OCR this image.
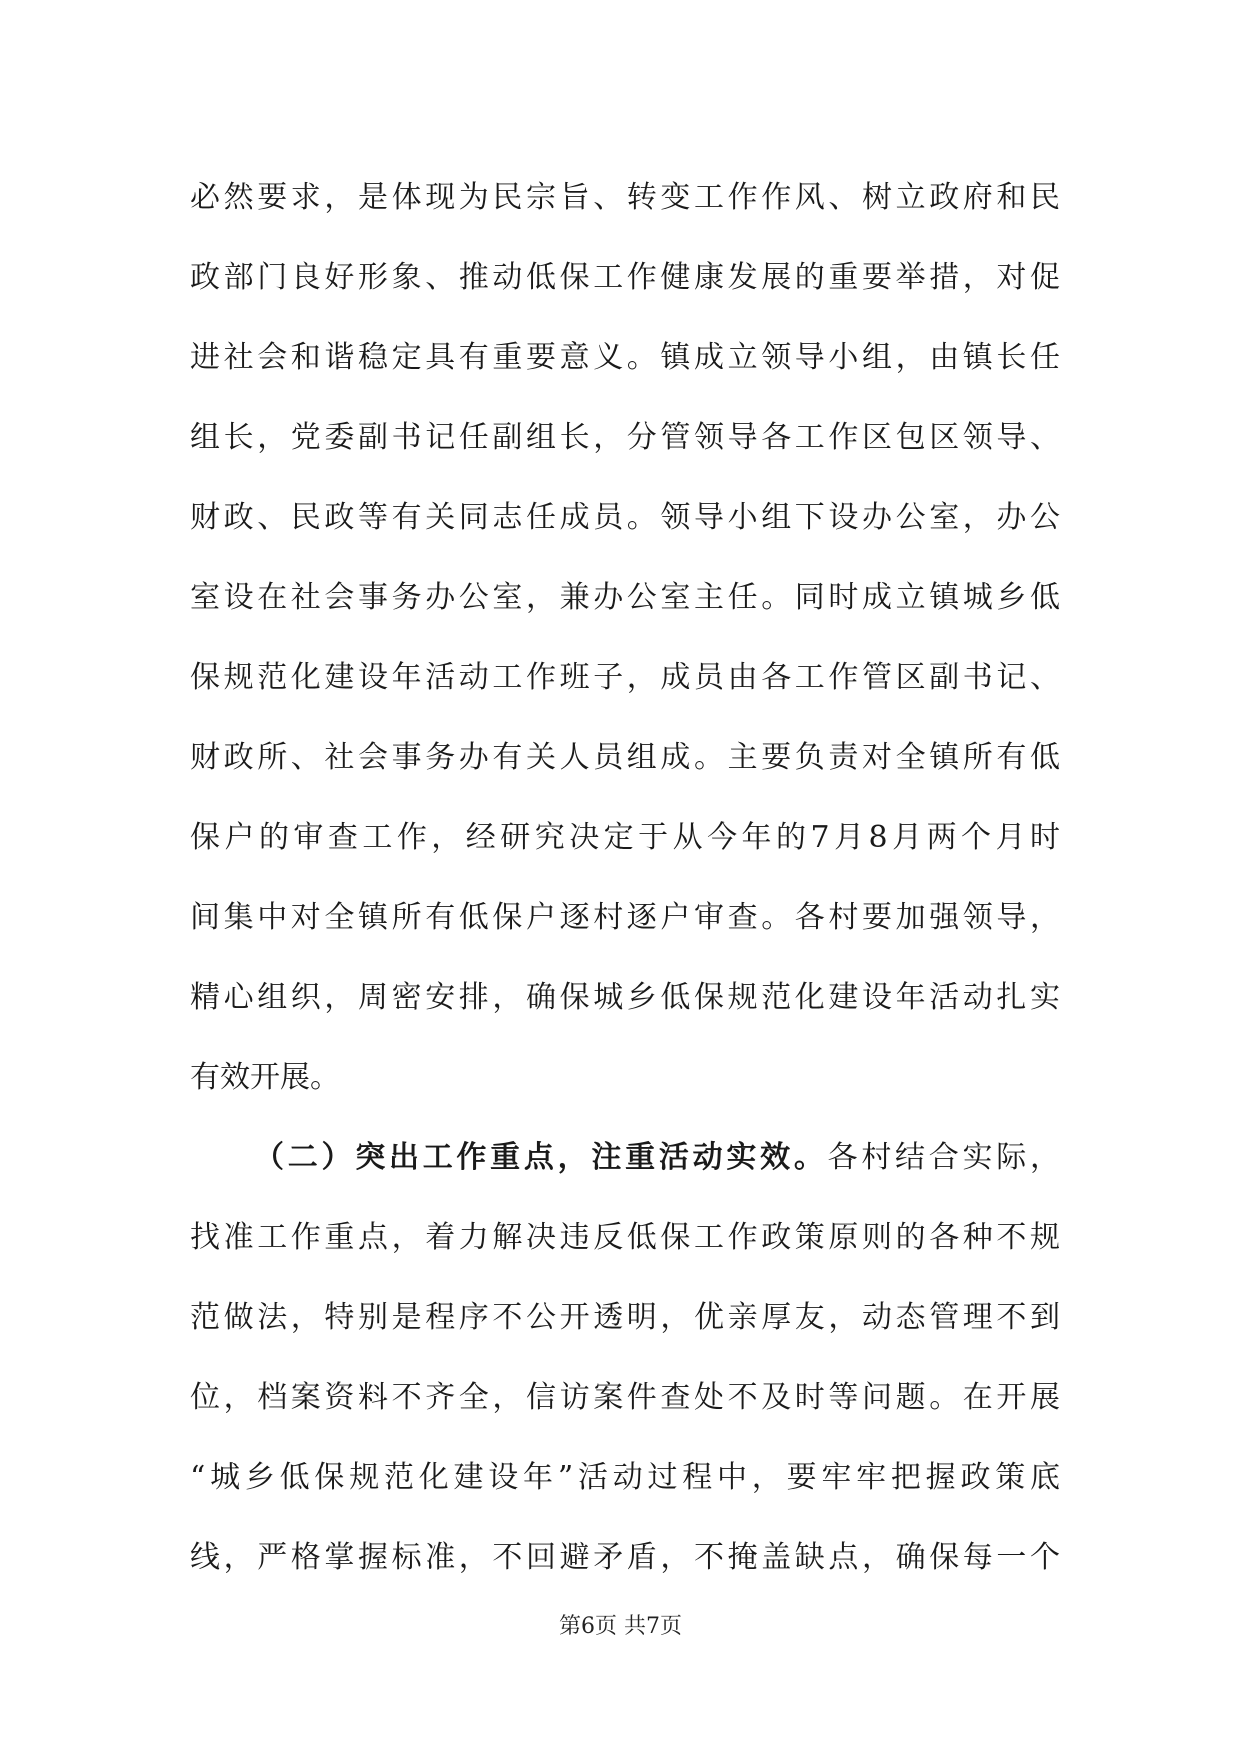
必然要求，是体现为民宗旨、转变工作作风、树立政府和民
政部门良好形象、推动低保工作健康发展的重要举措，对促
进社会和谐稳定具有重要意义。镇成立领导小组，由镇长任
组长，党委副书记任副组长，分管领导各工作区包区领导、
财政、民政等有关同志任成员。领导小组下设办公室，办公
室设在社会事务办公室，兼办公室主任。同时成立镇城乡低
保规范化建设年活动工作班子，成员由各工作管区副书记、
财政所、社会事务办有关人员组成。主要负责对全镇所有低
保户的审查工作，经研究决定于从今年的7月8月两个月时
间集中对全镇所有低保户逐村逐户审查。各村要加强领导，
精心组织，周密安排，确保城乡低保规范化建设年活动扎实
有效开展。
（二）突出工作重点，注重活动实效。各村结合实际，
找准工作重点，着力解决违反低保工作政策原则的各种不规
范做法，特别是程序不公开透明，优亲厚友，动态管理不到
位，档案资料不齐全，信访案件查处不及时等问题。在开展
“城乡低保规范化建设年”活动过程中，要牢牢把握政策底
线，严格掌握标准，不回避矛盾，不掩盖缺点，确保每一个
第6页 共7页
